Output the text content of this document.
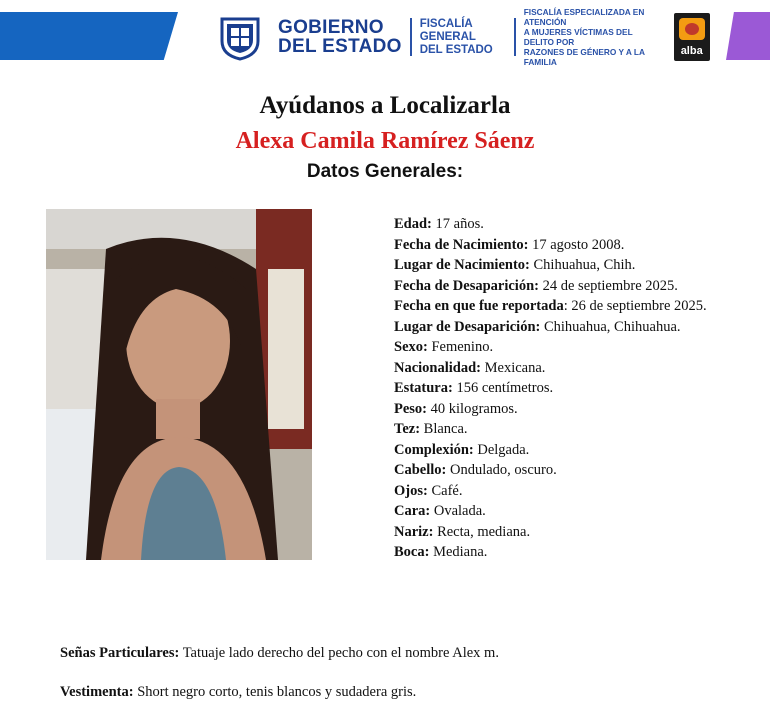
GOBIERNO
DEL ESTADO
FISCALÍA GENERAL
DEL ESTADO
FISCALÍA ESPECIALIZADA EN ATENCIÓN
A MUJERES VÍCTIMAS DEL DELITO POR
RAZONES DE GÉNERO Y A LA FAMILIA
alba
Ayúdanos a Localizarla
Alexa Camila Ramírez Sáenz
Datos Generales:
Edad: 17 años.
Fecha de Nacimiento: 17 agosto 2008.
Lugar de Nacimiento: Chihuahua, Chih.
Fecha de Desaparición: 24 de septiembre 2025.
Fecha en que fue reportada: 26 de septiembre 2025.
Lugar de Desaparición: Chihuahua, Chihuahua.
Sexo: Femenino.
Nacionalidad: Mexicana.
Estatura: 156 centímetros.
Peso: 40 kilogramos.
Tez: Blanca.
Complexión: Delgada.
Cabello: Ondulado, oscuro.
Ojos: Café.
Cara: Ovalada.
Nariz: Recta, mediana.
Boca: Mediana.
Señas Particulares: Tatuaje lado derecho del pecho con el nombre Alex m.
Vestimenta: Short negro corto, tenis blancos y sudadera gris.
